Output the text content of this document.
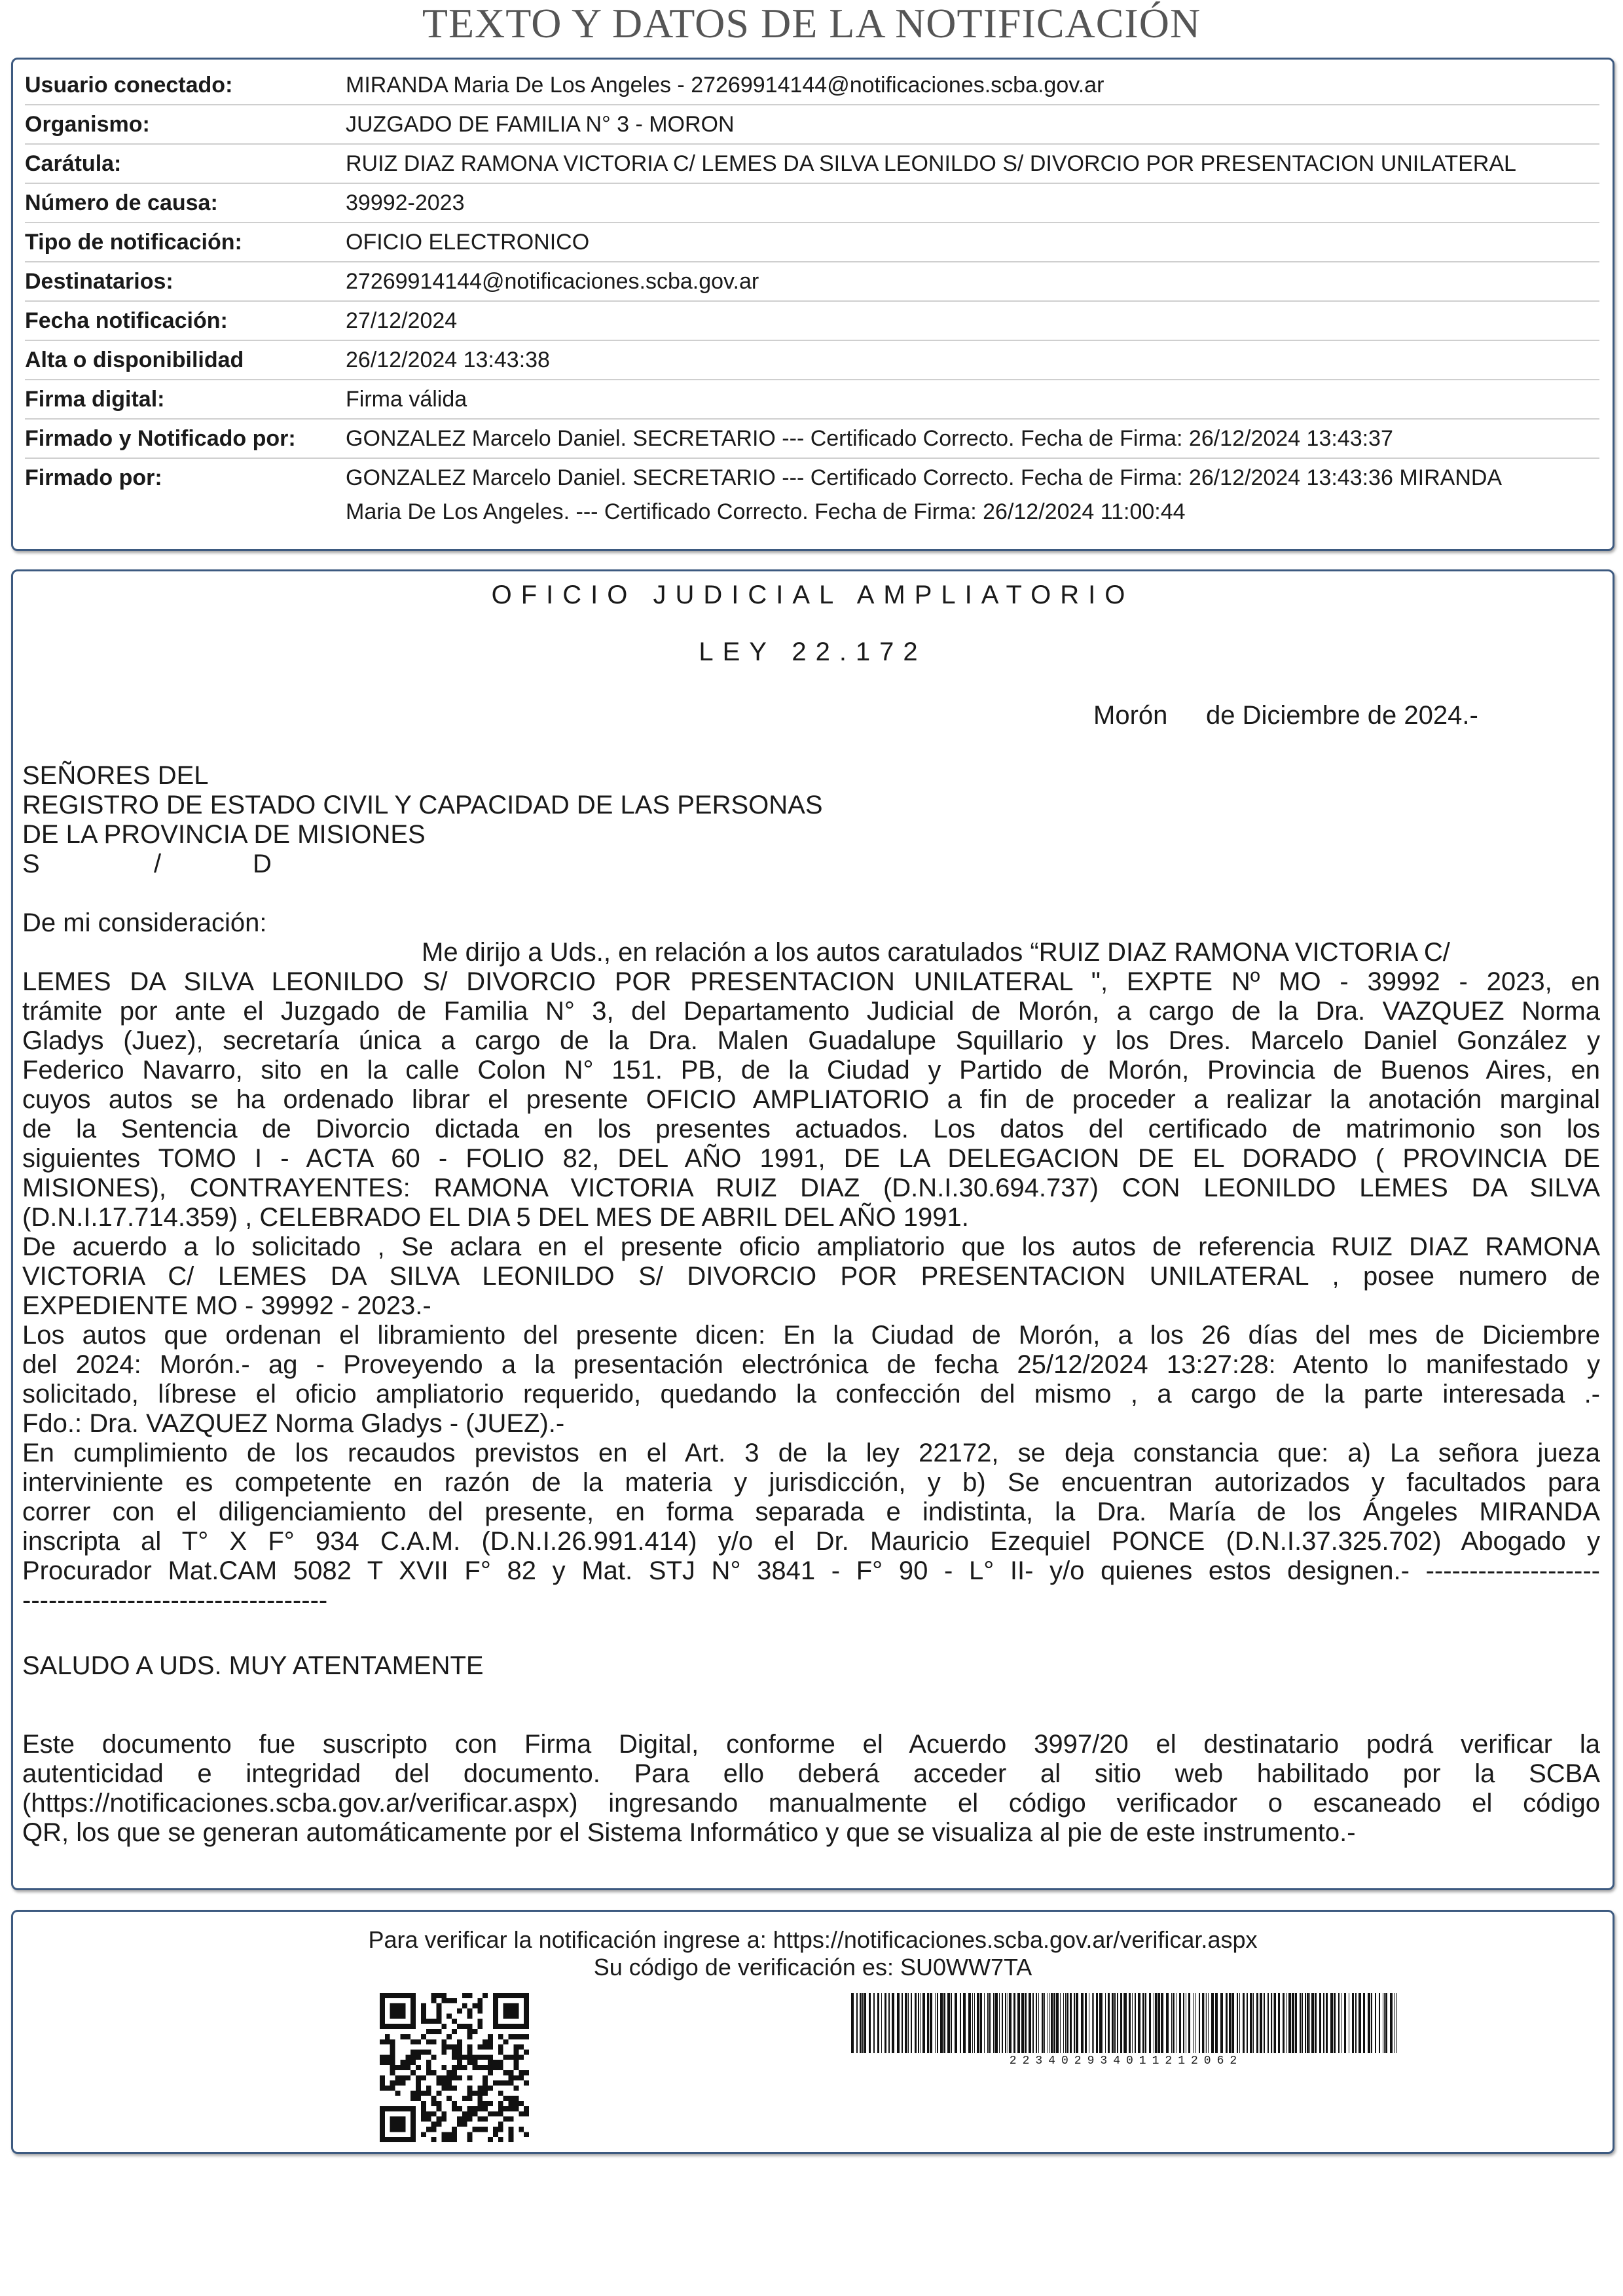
TEXTO Y DATOS DE LA NOTIFICACIÓN
Usuario conectado:	MIRANDA Maria De Los Angeles - 27269914144@notificaciones.scba.gov.ar
Organismo:	JUZGADO DE FAMILIA N° 3 - MORON
Carátula:	RUIZ DIAZ RAMONA VICTORIA C/ LEMES DA SILVA LEONILDO S/ DIVORCIO POR PRESENTACION UNILATERAL
Número de causa:	39992-2023
Tipo de notificación:	OFICIO ELECTRONICO
Destinatarios:	27269914144@notificaciones.scba.gov.ar
Fecha notificación:	27/12/2024
Alta o disponibilidad	26/12/2024 13:43:38
Firma digital:	Firma válida
Firmado y Notificado por:	GONZALEZ Marcelo Daniel. SECRETARIO --- Certificado Correcto. Fecha de Firma: 26/12/2024 13:43:37
Firmado por:	GONZALEZ Marcelo Daniel. SECRETARIO --- Certificado Correcto. Fecha de Firma: 26/12/2024 13:43:36 MIRANDA
Maria De Los Angeles. --- Certificado Correcto. Fecha de Firma: 26/12/2024 11:00:44
OFICIO JUDICIAL AMPLIATORIO
LEY 22.172
Morón de Diciembre de 2024.-
SEÑORES DEL
REGISTRO DE ESTADO CIVIL Y CAPACIDAD DE LAS PERSONAS
DE LA PROVINCIA DE MISIONES
S	/	D
De mi consideración:
Me dirijo a Uds., en relación a los autos caratulados “RUIZ DIAZ RAMONA VICTORIA C/
LEMES DA SILVA LEONILDO S/ DIVORCIO POR PRESENTACION UNILATERAL ", EXPTE Nº MO - 39992 - 2023, en
trámite por ante el Juzgado de Familia N° 3, del Departamento Judicial de Morón, a cargo de la Dra. VAZQUEZ Norma
Gladys (Juez), secretaría única a cargo de la Dra. Malen Guadalupe Squillario y los Dres. Marcelo Daniel González y
Federico Navarro, sito en la calle Colon N° 151. PB, de la Ciudad y Partido de Morón, Provincia de Buenos Aires, en
cuyos autos se ha ordenado librar el presente OFICIO AMPLIATORIO a fin de proceder a realizar la anotación marginal
de la Sentencia de Divorcio dictada en los presentes actuados. Los datos del certificado de matrimonio son los
siguientes TOMO I - ACTA 60 - FOLIO 82, DEL AÑO 1991, DE LA DELEGACION DE EL DORADO ( PROVINCIA DE
MISIONES), CONTRAYENTES: RAMONA VICTORIA RUIZ DIAZ (D.N.I.30.694.737) CON LEONILDO LEMES DA SILVA
(D.N.I.17.714.359) , CELEBRADO EL DIA 5 DEL MES DE ABRIL DEL AÑO 1991.
De acuerdo a lo solicitado , Se aclara en el presente oficio ampliatorio que los autos de referencia RUIZ DIAZ RAMONA
VICTORIA C/ LEMES DA SILVA LEONILDO S/ DIVORCIO POR PRESENTACION UNILATERAL , posee numero de
EXPEDIENTE MO - 39992 - 2023.-
Los autos que ordenan el libramiento del presente dicen: En la Ciudad de Morón, a los 26 días del mes de Diciembre
del 2024: Morón.- ag - Proveyendo a la presentación electrónica de fecha 25/12/2024 13:27:28: Atento lo manifestado y
solicitado, líbrese el oficio ampliatorio requerido, quedando la confección del mismo , a cargo de la parte interesada .-
Fdo.: Dra. VAZQUEZ Norma Gladys - (JUEZ).-
En cumplimiento de los recaudos previstos en el Art. 3 de la ley 22172, se deja constancia que: a) La señora jueza
interviniente es competente en razón de la materia y jurisdicción, y b) Se encuentran autorizados y facultados para
correr con el diligenciamiento del presente, en forma separada e indistinta, la Dra. María de los Ángeles MIRANDA
inscripta al T° X F° 934 C.A.M. (D.N.I.26.991.414) y/o el Dr. Mauricio Ezequiel PONCE (D.N.I.37.325.702) Abogado y
Procurador Mat.CAM 5082 T XVII F° 82 y Mat. STJ N° 3841 - F° 90 - L° II- y/o quienes estos designen.- --------------------
-----------------------------------
SALUDO A UDS. MUY ATENTAMENTE
Este documento fue suscripto con Firma Digital, conforme el Acuerdo 3997/20 el destinatario podrá verificar la
autenticidad e integridad del documento. Para ello deberá acceder al sitio web habilitado por la SCBA
(https://notificaciones.scba.gov.ar/verificar.aspx) ingresando manualmente el código verificador o escaneado el código
QR, los que se generan automáticamente por el Sistema Informático y que se visualiza al pie de este instrumento.-
Para verificar la notificación ingrese a: https://notificaciones.scba.gov.ar/verificar.aspx
Su código de verificación es: SU0WW7TA
223402934011212062
